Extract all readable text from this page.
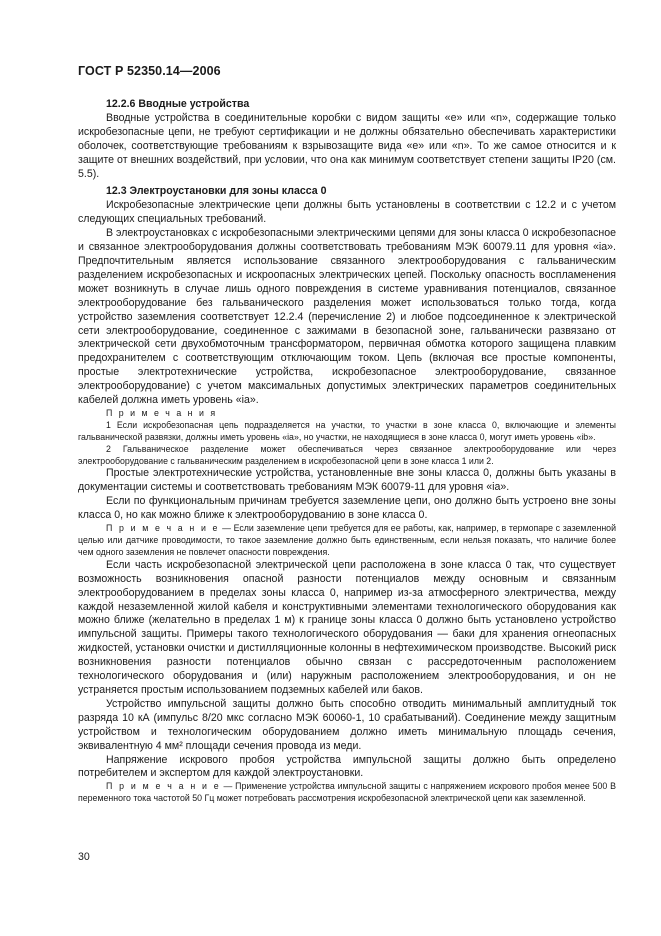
ГОСТ Р 52350.14—2006

12.2.6 Вводные устройства

Вводные устройства в соединительные коробки с видом защиты «e» или «n», содержащие только искробезопасные цепи, не требуют сертификации и не должны обязательно обеспечивать характеристики оболочек, соответствующие требованиям к взрывозащите вида «e» или «n». То же самое относится и к защите от внешних воздействий, при условии, что она как минимум соответствует степени защиты IP20 (см. 5.5).

12.3 Электроустановки для зоны класса 0

Искробезопасные электрические цепи должны быть установлены в соответствии с 12.2 и с учетом следующих специальных требований.

В электроустановках с искробезопасными электрическими цепями для зоны класса 0 искробезопасное и связанное электрооборудования должны соответствовать требованиям МЭК 60079.11 для уровня «ia». Предпочтительным является использование связанного электрооборудования с гальваническим разделением искробезопасных и искроопасных электрических цепей. Поскольку опасность воспламенения может возникнуть в случае лишь одного повреждения в системе уравнивания потенциалов, связанное электрооборудование без гальванического разделения может использоваться только тогда, когда устройство заземления соответствует 12.2.4 (перечисление 2) и любое подсоединенное к электрической сети электрооборудование, соединенное с зажимами в безопасной зоне, гальванически развязано от электрической сети двухобмоточным трансформатором, первичная обмотка которого защищена плавким предохранителем с соответствующим отключающим током. Цепь (включая все простые компоненты, простые электротехнические устройства, искробезопасное электрооборудование, связанное электрооборудование) с учетом максимальных допустимых электрических параметров соединительных кабелей должна иметь уровень «ia».

П р и м е ч а н и я

1 Если искробезопасная цепь подразделяется на участки, то участки в зоне класса 0, включающие и элементы гальванической развязки, должны иметь уровень «ia», но участки, не находящиеся в зоне класса 0, могут иметь уровень «ib».

2 Гальваническое разделение может обеспечиваться через связанное электрооборудование или через электрооборудование с гальваническим разделением в искробезопасной цепи в зоне класса 1 или 2.

Простые электротехнические устройства, установленные вне зоны класса 0, должны быть указаны в документации системы и соответствовать требованиям МЭК 60079-11 для уровня «ia».

Если по функциональным причинам требуется заземление цепи, оно должно быть устроено вне зоны класса 0, но как можно ближе к электрооборудованию в зоне класса 0.

П р и м е ч а н и е — Если заземление цепи требуется для ее работы, как, например, в термопаре с заземленной целью или датчике проводимости, то такое заземление должно быть единственным, если нельзя показать, что наличие более чем одного заземления не повлечет опасности повреждения.

Если часть искробезопасной электрической цепи расположена в зоне класса 0 так, что существует возможность возникновения опасной разности потенциалов между основным и связанным электрооборудованием в пределах зоны класса 0, например из-за атмосферного электричества, между каждой незаземленной жилой кабеля и конструктивными элементами технологического оборудования как можно ближе (желательно в пределах 1 м) к границе зоны класса 0 должно быть установлено устройство импульсной защиты. Примеры такого технологического оборудования — баки для хранения огнеопасных жидкостей, установки очистки и дистилляционные колонны в нефтехимическом производстве. Высокий риск возникновения разности потенциалов обычно связан с рассредоточенным расположением технологического оборудования и (или) наружным расположением электрооборудования, и он не устраняется простым использованием подземных кабелей или баков.

Устройство импульсной защиты должно быть способно отводить минимальный амплитудный ток разряда 10 кА (импульс 8/20 мкс согласно МЭК 60060-1, 10 срабатываний). Соединение между защитным устройством и технологическим оборудованием должно иметь минимальную площадь сечения, эквивалентную 4 мм² площади сечения провода из меди.

Напряжение искрового пробоя устройства импульсной защиты должно быть определено потребителем и экспертом для каждой электроустановки.

П р и м е ч а н и е — Применение устройства импульсной защиты с напряжением искрового пробоя менее 500 В переменного тока частотой 50 Гц может потребовать рассмотрения искробезопасной электрической цепи как заземленной.

30
